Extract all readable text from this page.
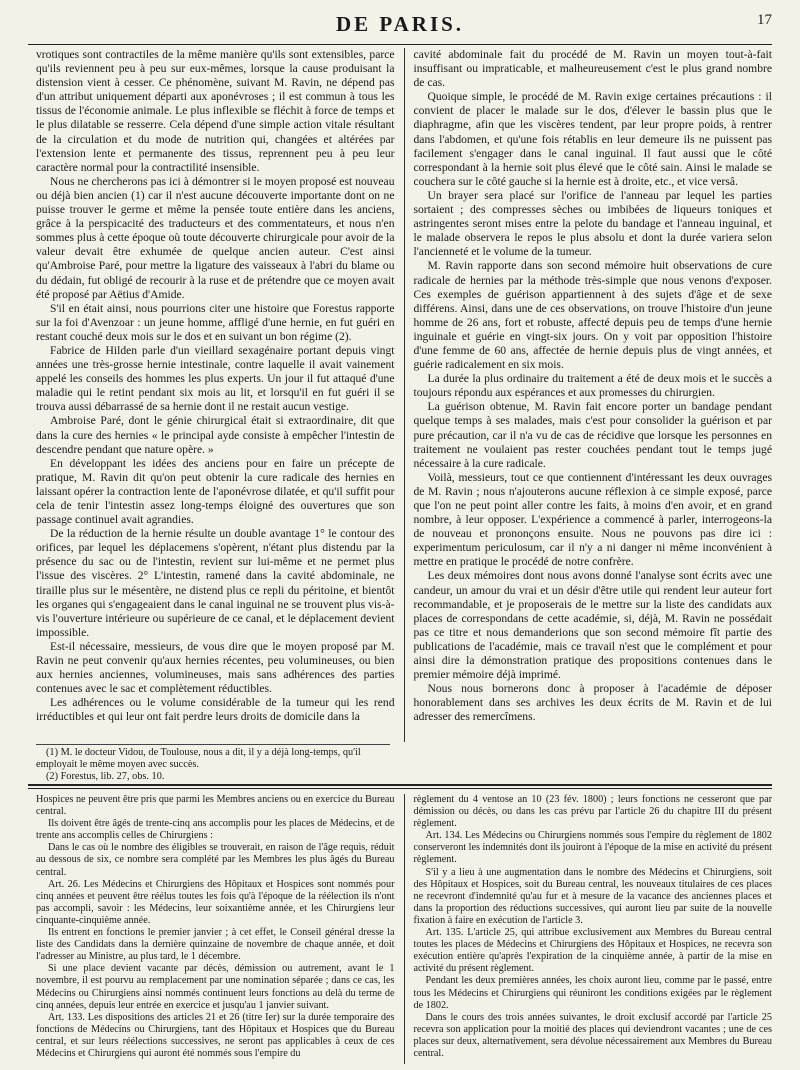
DE PARIS.	17

vrotiques sont contractiles de la même manière qu'ils sont extensibles, parce qu'ils reviennent peu à peu sur eux-mêmes, lorsque la cause produisant la distension vient à cesser. Ce phénomène, suivant M. Ravin, ne dépend pas d'un attribut uniquement départi aux aponévroses ; il est commun à tous les tissus de l'économie animale. Le plus inflexible se fléchit à force de temps et le plus dilatable se resserre. Cela dépend d'une simple action vitale résultant de la circulation et du mode de nutrition qui, changées et altérées par l'extension lente et permanente des tissus, reprennent peu à peu leur caractère normal pour la contractilité insensible.

Nous ne chercherons pas ici à démontrer si le moyen proposé est nouveau ou déjà bien ancien (1) car il n'est aucune découverte importante dont on ne puisse trouver le germe et même la pensée toute entière dans les anciens, grâce à la perspicacité des traducteurs et des commentateurs, et nous n'en sommes plus à cette époque où toute découverte chirurgicale pour avoir de la valeur devait être exhumée de quelque ancien auteur. C'est ainsi qu'Ambroise Paré, pour mettre la ligature des vaisseaux à l'abri du blame ou du dédain, fut obligé de recourir à la ruse et de prétendre que ce moyen avait été proposé par Aëtius d'Amide.

S'il en était ainsi, nous pourrions citer une histoire que Forestus rapporte sur la foi d'Avenzoar : un jeune homme, affligé d'une hernie, en fut guéri en restant couché deux mois sur le dos et en suivant un bon régime (2).

Fabrice de Hilden parle d'un vieillard sexagénaire portant depuis vingt années une très-grosse hernie intestinale, contre laquelle il avait vainement appelé les conseils des hommes les plus experts. Un jour il fut attaqué d'une maladie qui le retint pendant six mois au lit, et lorsqu'il en fut guéri il se trouva aussi débarrassé de sa hernie dont il ne restait aucun vestige.

Ambroise Paré, dont le génie chirurgical était si extraordinaire, dit que dans la cure des hernies « le principal ayde consiste à empêcher l'intestin de descendre pendant que nature opère. »

En développant les idées des anciens pour en faire un précepte de pratique, M. Ravin dit qu'on peut obtenir la cure radicale des hernies en laissant opérer la contraction lente de l'aponévrose dilatée, et qu'il suffit pour cela de tenir l'intestin assez long-temps éloigné des ouvertures que son passage continuel avait agrandies.

De la réduction de la hernie résulte un double avantage 1° le contour des orifices, par lequel les déplacemens s'opèrent, n'étant plus distendu par la présence du sac ou de l'intestin, revient sur lui-même et ne permet plus l'issue des viscères. 2° L'intestin, ramené dans la cavité abdominale, ne tiraille plus sur le mésentère, ne distend plus ce repli du péritoine, et bientôt les organes qui s'engageaient dans le canal inguinal ne se trouvent plus vis-à-vis l'ouverture intérieure ou supérieure de ce canal, et le déplacement devient impossible.

Est-il nécessaire, messieurs, de vous dire que le moyen proposé par M. Ravin ne peut convenir qu'aux hernies récentes, peu volumineuses, ou bien aux hernies anciennes, volumineuses, mais sans adhérences des parties contenues avec le sac et complètement réductibles.

Les adhérences ou le volume considérable de la tumeur qui les rend irréductibles et qui leur ont fait perdre leurs droits de domicile dans la

cavité abdominale fait du procédé de M. Ravin un moyen tout-à-fait insuffisant ou impraticable, et malheureusement c'est le plus grand nombre de cas.

Quoique simple, le procédé de M. Ravin exige certaines précautions : il convient de placer le malade sur le dos, d'élever le bassin plus que le diaphragme, afin que les viscères tendent, par leur propre poids, à rentrer dans l'abdomen, et qu'une fois rétablis en leur demeure ils ne puissent pas facilement s'engager dans le canal inguinal. Il faut aussi que le côté correspondant à la hernie soit plus élevé que le côté sain. Ainsi le malade se couchera sur le côté gauche si la hernie est à droite, etc., et vice versâ.

Un brayer sera placé sur l'orifice de l'anneau par lequel les parties sortaient ; des compresses sèches ou imbibées de liqueurs toniques et astringentes seront mises entre la pelote du bandage et l'anneau inguinal, et le malade observera le repos le plus absolu et dont la durée variera selon l'ancienneté et le volume de la tumeur.

M. Ravin rapporte dans son second mémoire huit observations de cure radicale de hernies par la méthode très-simple que nous venons d'exposer. Ces exemples de guérison appartiennent à des sujets d'âge et de sexe différens. Ainsi, dans une de ces observations, on trouve l'histoire d'un jeune homme de 26 ans, fort et robuste, affecté depuis peu de temps d'une hernie inguinale et guérie en vingt-six jours. On y voit par opposition l'histoire d'une femme de 60 ans, affectée de hernie depuis plus de vingt années, et guérie radicalement en six mois.

La durée la plus ordinaire du traitement a été de deux mois et le succès a toujours répondu aux espérances et aux promesses du chirurgien.

La guérison obtenue, M. Ravin fait encore porter un bandage pendant quelque temps à ses malades, mais c'est pour consolider la guérison et par pure précaution, car il n'a vu de cas de récidive que lorsque les personnes en traitement ne voulaient pas rester couchées pendant tout le temps jugé nécessaire à la cure radicale.

Voilà, messieurs, tout ce que contiennent d'intéressant les deux ouvrages de M. Ravin ; nous n'ajouterons aucune réflexion à ce simple exposé, parce que l'on ne peut point aller contre les faits, à moins d'en avoir, et en grand nombre, à leur opposer. L'expérience a commencé à parler, interrogeons-la de nouveau et prononçons ensuite. Nous ne pouvons pas dire ici : experimentum periculosum, car il n'y a ni danger ni même inconvénient à mettre en pratique le procédé de notre confrère.

Les deux mémoires dont nous avons donné l'analyse sont écrits avec une candeur, un amour du vrai et un désir d'être utile qui rendent leur auteur fort recommandable, et je proposerais de le mettre sur la liste des candidats aux places de correspondans de cette académie, si, déjà, M. Ravin ne possédait pas ce titre et nous demanderions que son second mémoire fît partie des publications de l'académie, mais ce travail n'est que le complément et pour ainsi dire la démonstration pratique des propositions contenues dans le premier mémoire déjà imprimé.

Nous nous bornerons donc à proposer à l'académie de déposer honorablement dans ses archives les deux écrits de M. Ravin et de lui adresser des remercîmens.

(1) M. le docteur Vidou, de Toulouse, nous a dit, il y a déjà long-temps, qu'il employait le même moyen avec succès.

(2) Forestus, lib. 27, obs. 10.

Hospices ne peuvent être pris que parmi les Membres anciens ou en exercice du Bureau central.

Ils doivent être âgés de trente-cinq ans accomplis pour les places de Médecins, et de trente ans accomplis celles de Chirurgiens :

Dans le cas où le nombre des éligibles se trouverait, en raison de l'âge requis, réduit au dessous de six, ce nombre sera complété par les Membres les plus âgés du Bureau central.

Art. 26. Les Médecins et Chirurgiens des Hôpitaux et Hospices sont nommés pour cinq années et peuvent être réélus toutes les fois qu'à l'époque de la réélection ils n'ont pas accompli, savoir : les Médecins, leur soixantième année, et les Chirurgiens leur cinquante-cinquième année.

Ils entrent en fonctions le premier janvier ; à cet effet, le Conseil général dresse la liste des Candidats dans la dernière quinzaine de novembre de chaque année, et doit l'adresser au Ministre, au plus tard, le 1 décembre.

Si une place devient vacante par décès, démission ou autrement, avant le 1 novembre, il est pourvu au remplacement par une nomination séparée ; dans ce cas, les Médecins ou Chirurgiens ainsi nommés continuent leurs fonctions au delà du terme de cinq années, depuis leur entrée en exercice et jusqu'au 1 janvier suivant.

Art. 133. Les dispositions des articles 21 et 26 (titre Ier) sur la durée temporaire des fonctions de Médecins ou Chirurgiens, tant des Hôpitaux et Hospices que du Bureau central, et sur leurs réélections successives, ne seront pas applicables à ceux de ces Médecins et Chirurgiens qui auront été nommés sous l'empire du

règlement du 4 ventose an 10 (23 fév. 1800) ; leurs fonctions ne cesseront que par démission ou décès, ou dans les cas prévu par l'article 26 du chapitre III du présent règlement.

Art. 134. Les Médecins ou Chirurgiens nommés sous l'empire du règlement de 1802 conserveront les indemnités dont ils jouiront à l'époque de la mise en activité du présent règlement.

S'il y a lieu à une augmentation dans le nombre des Médecins et Chirurgiens, soit des Hôpitaux et Hospices, soit du Bureau central, les nouveaux titulaires de ces places ne recevront d'indemnité qu'au fur et à mesure de la vacance des anciennes places et dans la proportion des réductions successives, qui auront lieu par suite de la nouvelle fixation à faire en exécution de l'article 3.

Art. 135. L'article 25, qui attribue exclusivement aux Membres du Bureau central toutes les places de Médecins et Chirurgiens des Hôpitaux et Hospices, ne recevra son exécution entière qu'après l'expiration de la cinquième année, à partir de la mise en activité du présent règlement.

Pendant les deux premières années, les choix auront lieu, comme par le passé, entre tous les Médecins et Chirurgiens qui réuniront les conditions exigées par le règlement de 1802.

Dans le cours des trois années suivantes, le droit exclusif accordé par l'article 25 recevra son application pour la moitié des places qui deviendront vacantes ; une de ces places sur deux, alternativement, sera dévolue nécessairement aux Membres du Bureau central.
